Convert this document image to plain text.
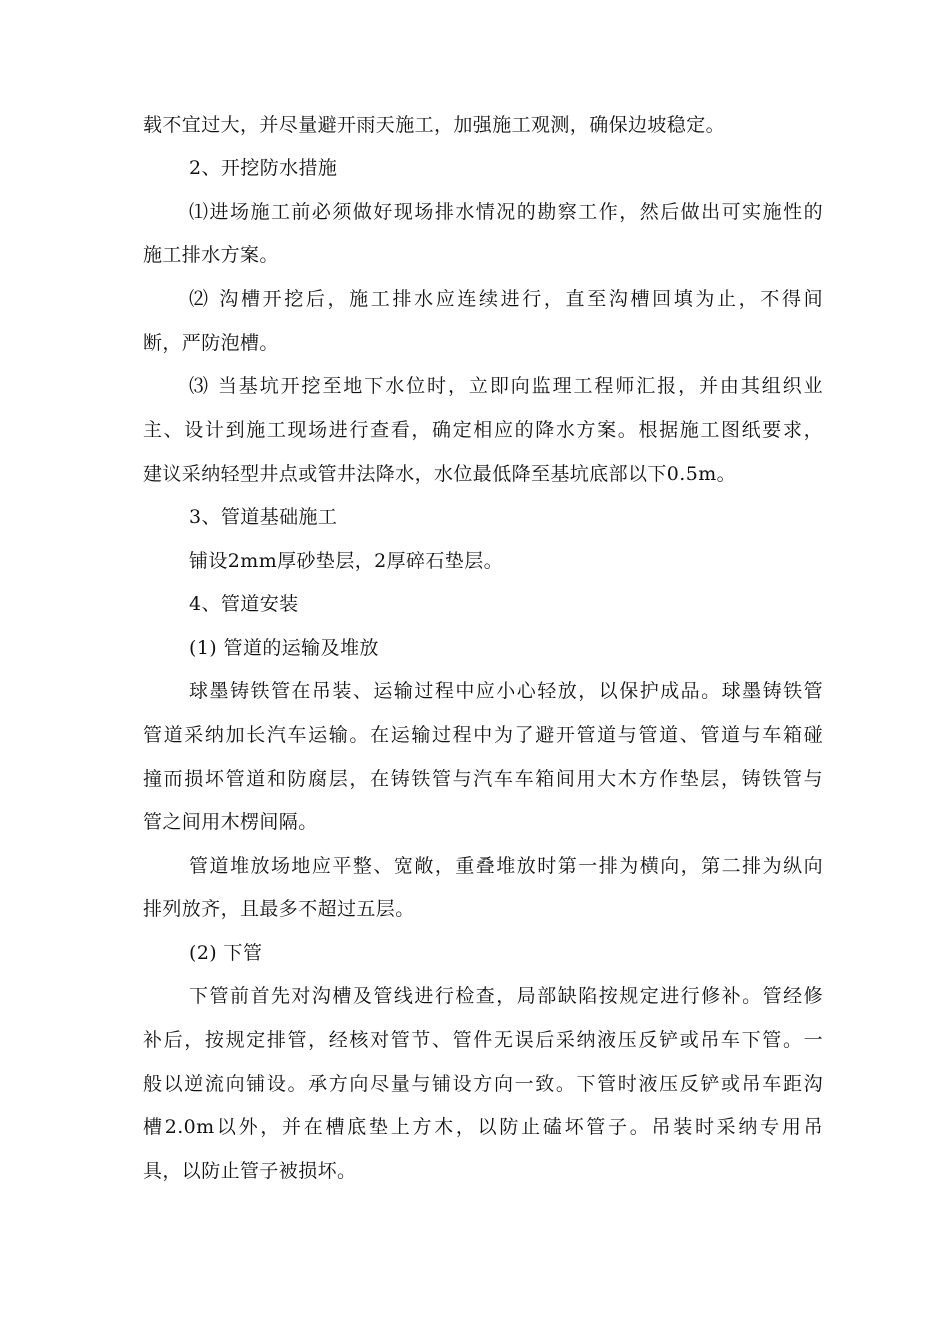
载不宜过大，并尽量避开雨天施工，加强施工观测，确保边坡稳定。
2、开挖防水措施
⑴进场施工前必须做好现场排水情况的勘察工作，然后做出可实施性的
施工排水方案。
⑵ 沟槽开挖后，施工排水应连续进行，直至沟槽回填为止，不得间
断，严防泡槽。
⑶ 当基坑开挖至地下水位时，立即向监理工程师汇报，并由其组织业
主、设计到施工现场进行查看，确定相应的降水方案。根据施工图纸要求，
建议采纳轻型井点或管井法降水，水位最低降至基坑底部以下0.5m。
3、管道基础施工
铺设2mm厚砂垫层，2厚碎石垫层。
4、管道安装
(1) 管道的运输及堆放
球墨铸铁管在吊装、运输过程中应小心轻放，以保护成品。球墨铸铁管
管道采纳加长汽车运输。在运输过程中为了避开管道与管道、管道与车箱碰
撞而损坏管道和防腐层，在铸铁管与汽车车箱间用大木方作垫层，铸铁管与
管之间用木楞间隔。
管道堆放场地应平整、宽敞，重叠堆放时第一排为横向，第二排为纵向
排列放齐，且最多不超过五层。
(2) 下管
下管前首先对沟槽及管线进行检查，局部缺陷按规定进行修补。管经修
补后，按规定排管，经核对管节、管件无误后采纳液压反铲或吊车下管。一
般以逆流向铺设。承方向尽量与铺设方向一致。下管时液压反铲或吊车距沟
槽2.0m以外，并在槽底垫上方木，以防止磕坏管子。吊装时采纳专用吊
具，以防止管子被损坏。
